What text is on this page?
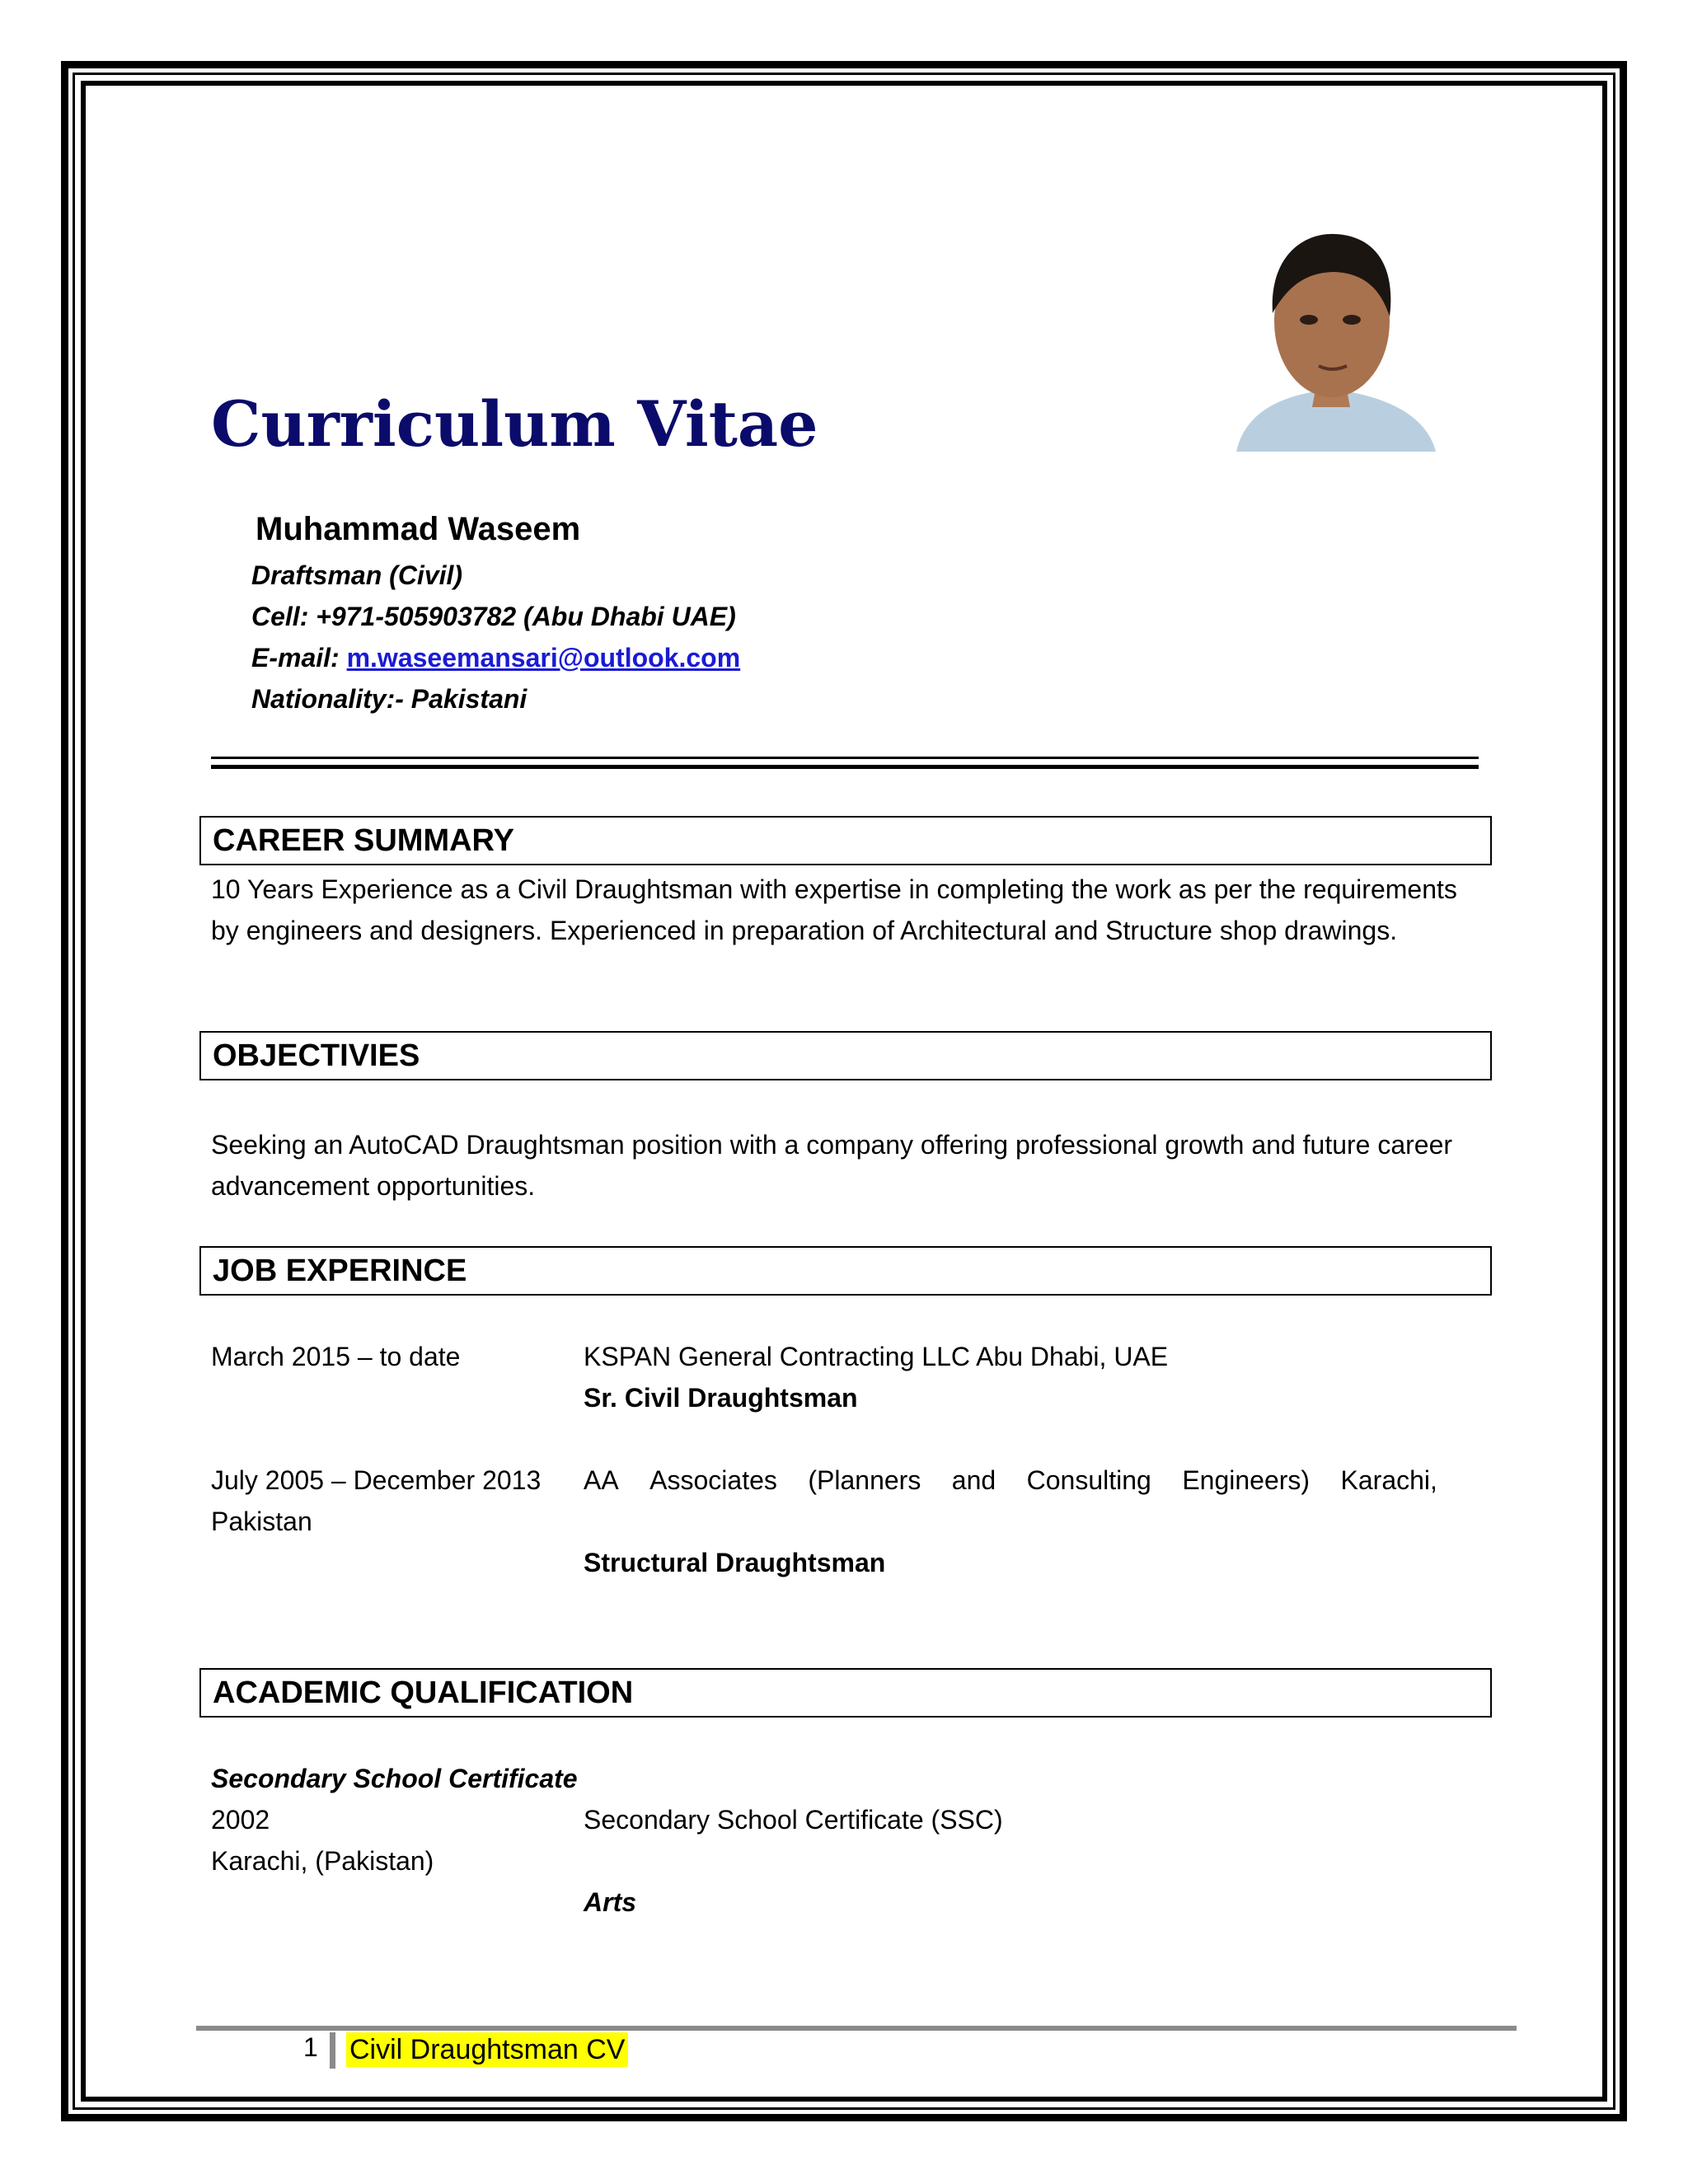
Curriculum Vitae
Muhammad Waseem
Draftsman (Civil)
Cell: +971-505903782 (Abu Dhabi UAE)
E-mail: m.waseemansari@outlook.com
Nationality:- Pakistani
CAREER SUMMARY
10 Years Experience as a Civil Draughtsman with expertise in completing the work as per the requirements by engineers and designers. Experienced in preparation of Architectural and Structure shop drawings.
OBJECTIVIES
Seeking an AutoCAD Draughtsman position with a company offering professional growth and future career advancement opportunities.
JOB EXPERINCE
March 2015 – to date	KSPAN General Contracting LLC Abu Dhabi, UAE
Sr. Civil Draughtsman
July 2005 – December 2013	AA Associates (Planners and Consulting Engineers) Karachi,
Pakistan
Structural Draughtsman
ACADEMIC QUALIFICATION
Secondary School Certificate
2002	Secondary School Certificate (SSC)
Karachi, (Pakistan)
Arts
1 Civil Draughtsman CV
